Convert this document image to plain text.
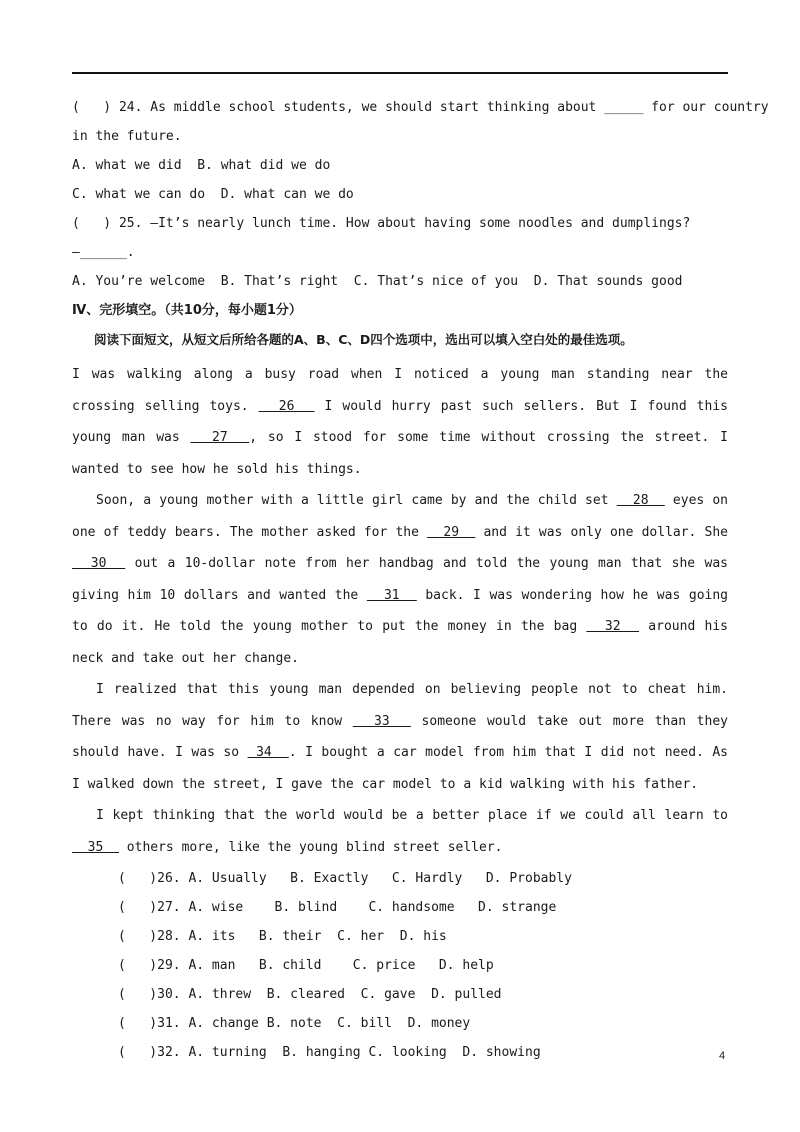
(   ) 24. As middle school students, we should start thinking about _____ for our country
in the future.
A. what we did  B. what did we do
C. what we can do  D. what can we do
(   ) 25. —It’s nearly lunch time. How about having some noodles and dumplings?
—______.
A. You’re welcome  B. That’s right  C. That’s nice of you  D. That sounds good
Ⅳ、完形填空。（共10分，每小题1分）
阅读下面短文，从短文后所给各题的A、B、C、D四个选项中，选出可以填入空白处的最佳选项。

I was walking along a busy road when I noticed a young man standing near the crossing selling toys.   26   I would hurry past such sellers. But I found this young man was   27  , so I stood for some time without crossing the street. I wanted to see how he sold his things.

Soon, a young mother with a little girl came by and the child set   28   eyes on one of teddy bears. The mother asked for the   29   and it was only one dollar. She  30   out a 10-dollar note from her handbag and told the young man that she was giving him 10 dollars and wanted the   31   back. I was wondering how he was going to do it. He told the young mother to put the money in the bag   32   around his neck and take out her change.

I realized that this young man depended on believing people not to cheat him. There was no way for him to know   33   someone would take out more than they should have. I was so  34  . I bought a car model from him that I did not need. As I walked down the street, I gave the car model to a kid walking with his father.

I kept thinking that the world would be a better place if we could all learn to   35   others more, like the young blind street seller.

(   )26. A. Usually   B. Exactly   C. Hardly   D. Probably
(   )27. A. wise    B. blind    C. handsome   D. strange
(   )28. A. its   B. their  C. her  D. his
(   )29. A. man   B. child    C. price   D. help
(   )30. A. threw  B. cleared  C. gave  D. pulled
(   )31. A. change B. note  C. bill  D. money
(   )32. A. turning  B. hanging C. looking  D. showing	4
